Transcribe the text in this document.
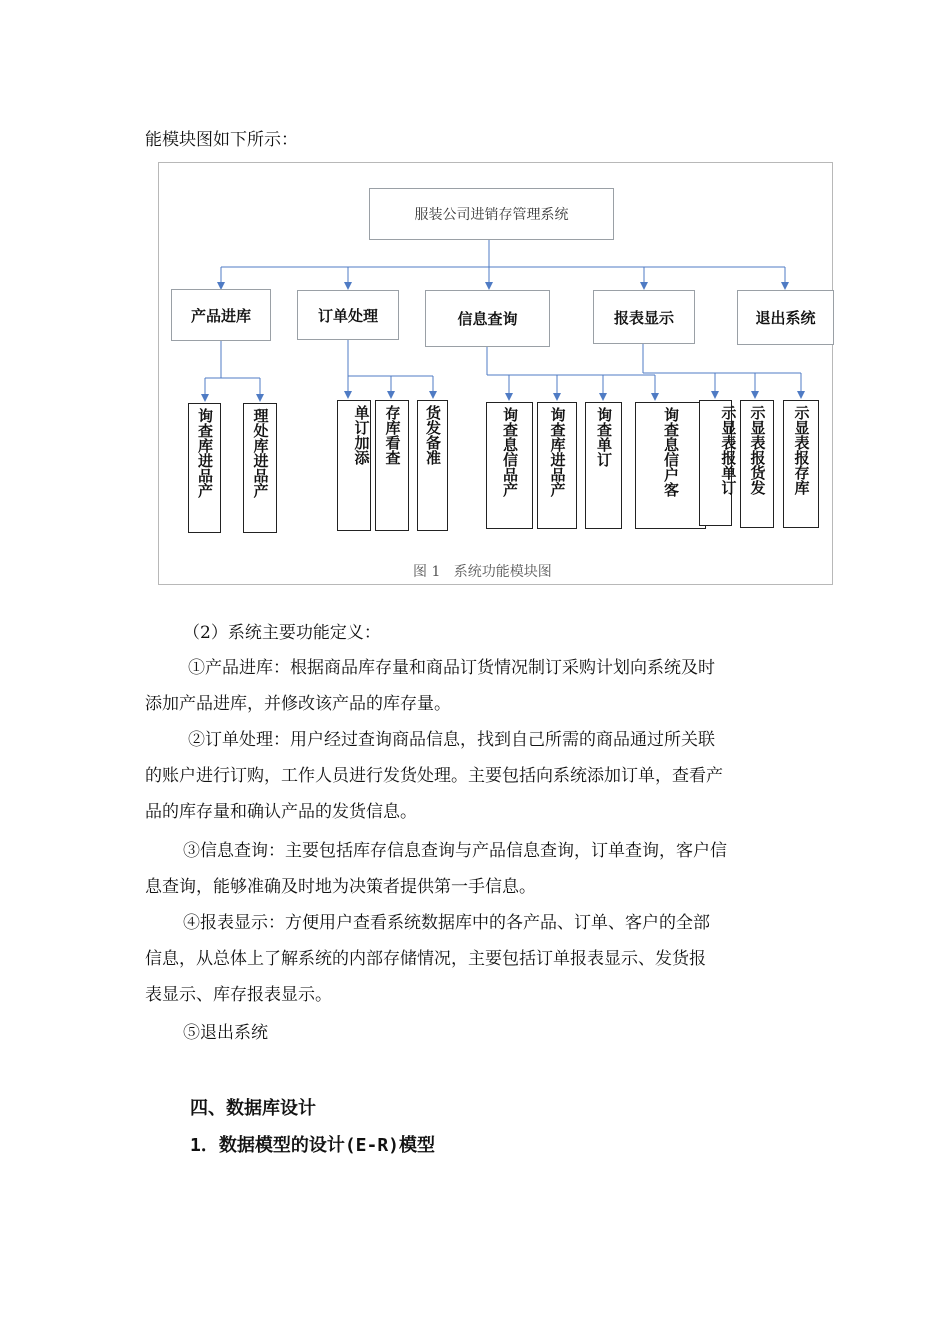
能模块图如下所示：
服装公司进销存管理系统
产品进库	订单处理	信息查询	报表显示	退出系统
询查库进品产	理处库进品产	单订加添 存库看查 货发备准	询查息信品产 询查库进品产 询查单订	询查息信户客	示显表报单订 示显表报货发 示显表报存库
图 1   系统功能模块图
（2）系统主要功能定义：
①产品进库：根据商品库存量和商品订货情况制订采购计划向系统及时
添加产品进库，并修改该产品的库存量。
②订单处理：用户经过查询商品信息，找到自己所需的商品通过所关联
的账户进行订购，工作人员进行发货处理。主要包括向系统添加订单，查看产
品的库存量和确认产品的发货信息。
③信息查询：主要包括库存信息查询与产品信息查询，订单查询，客户信
息查询，能够准确及时地为决策者提供第一手信息。
④报表显示：方便用户查看系统数据库中的各产品、订单、客户的全部
信息，从总体上了解系统的内部存储情况，主要包括订单报表显示、发货报
表显示、库存报表显示。
⑤退出系统
四、数据库设计
1．数据模型的设计(E-R)模型
